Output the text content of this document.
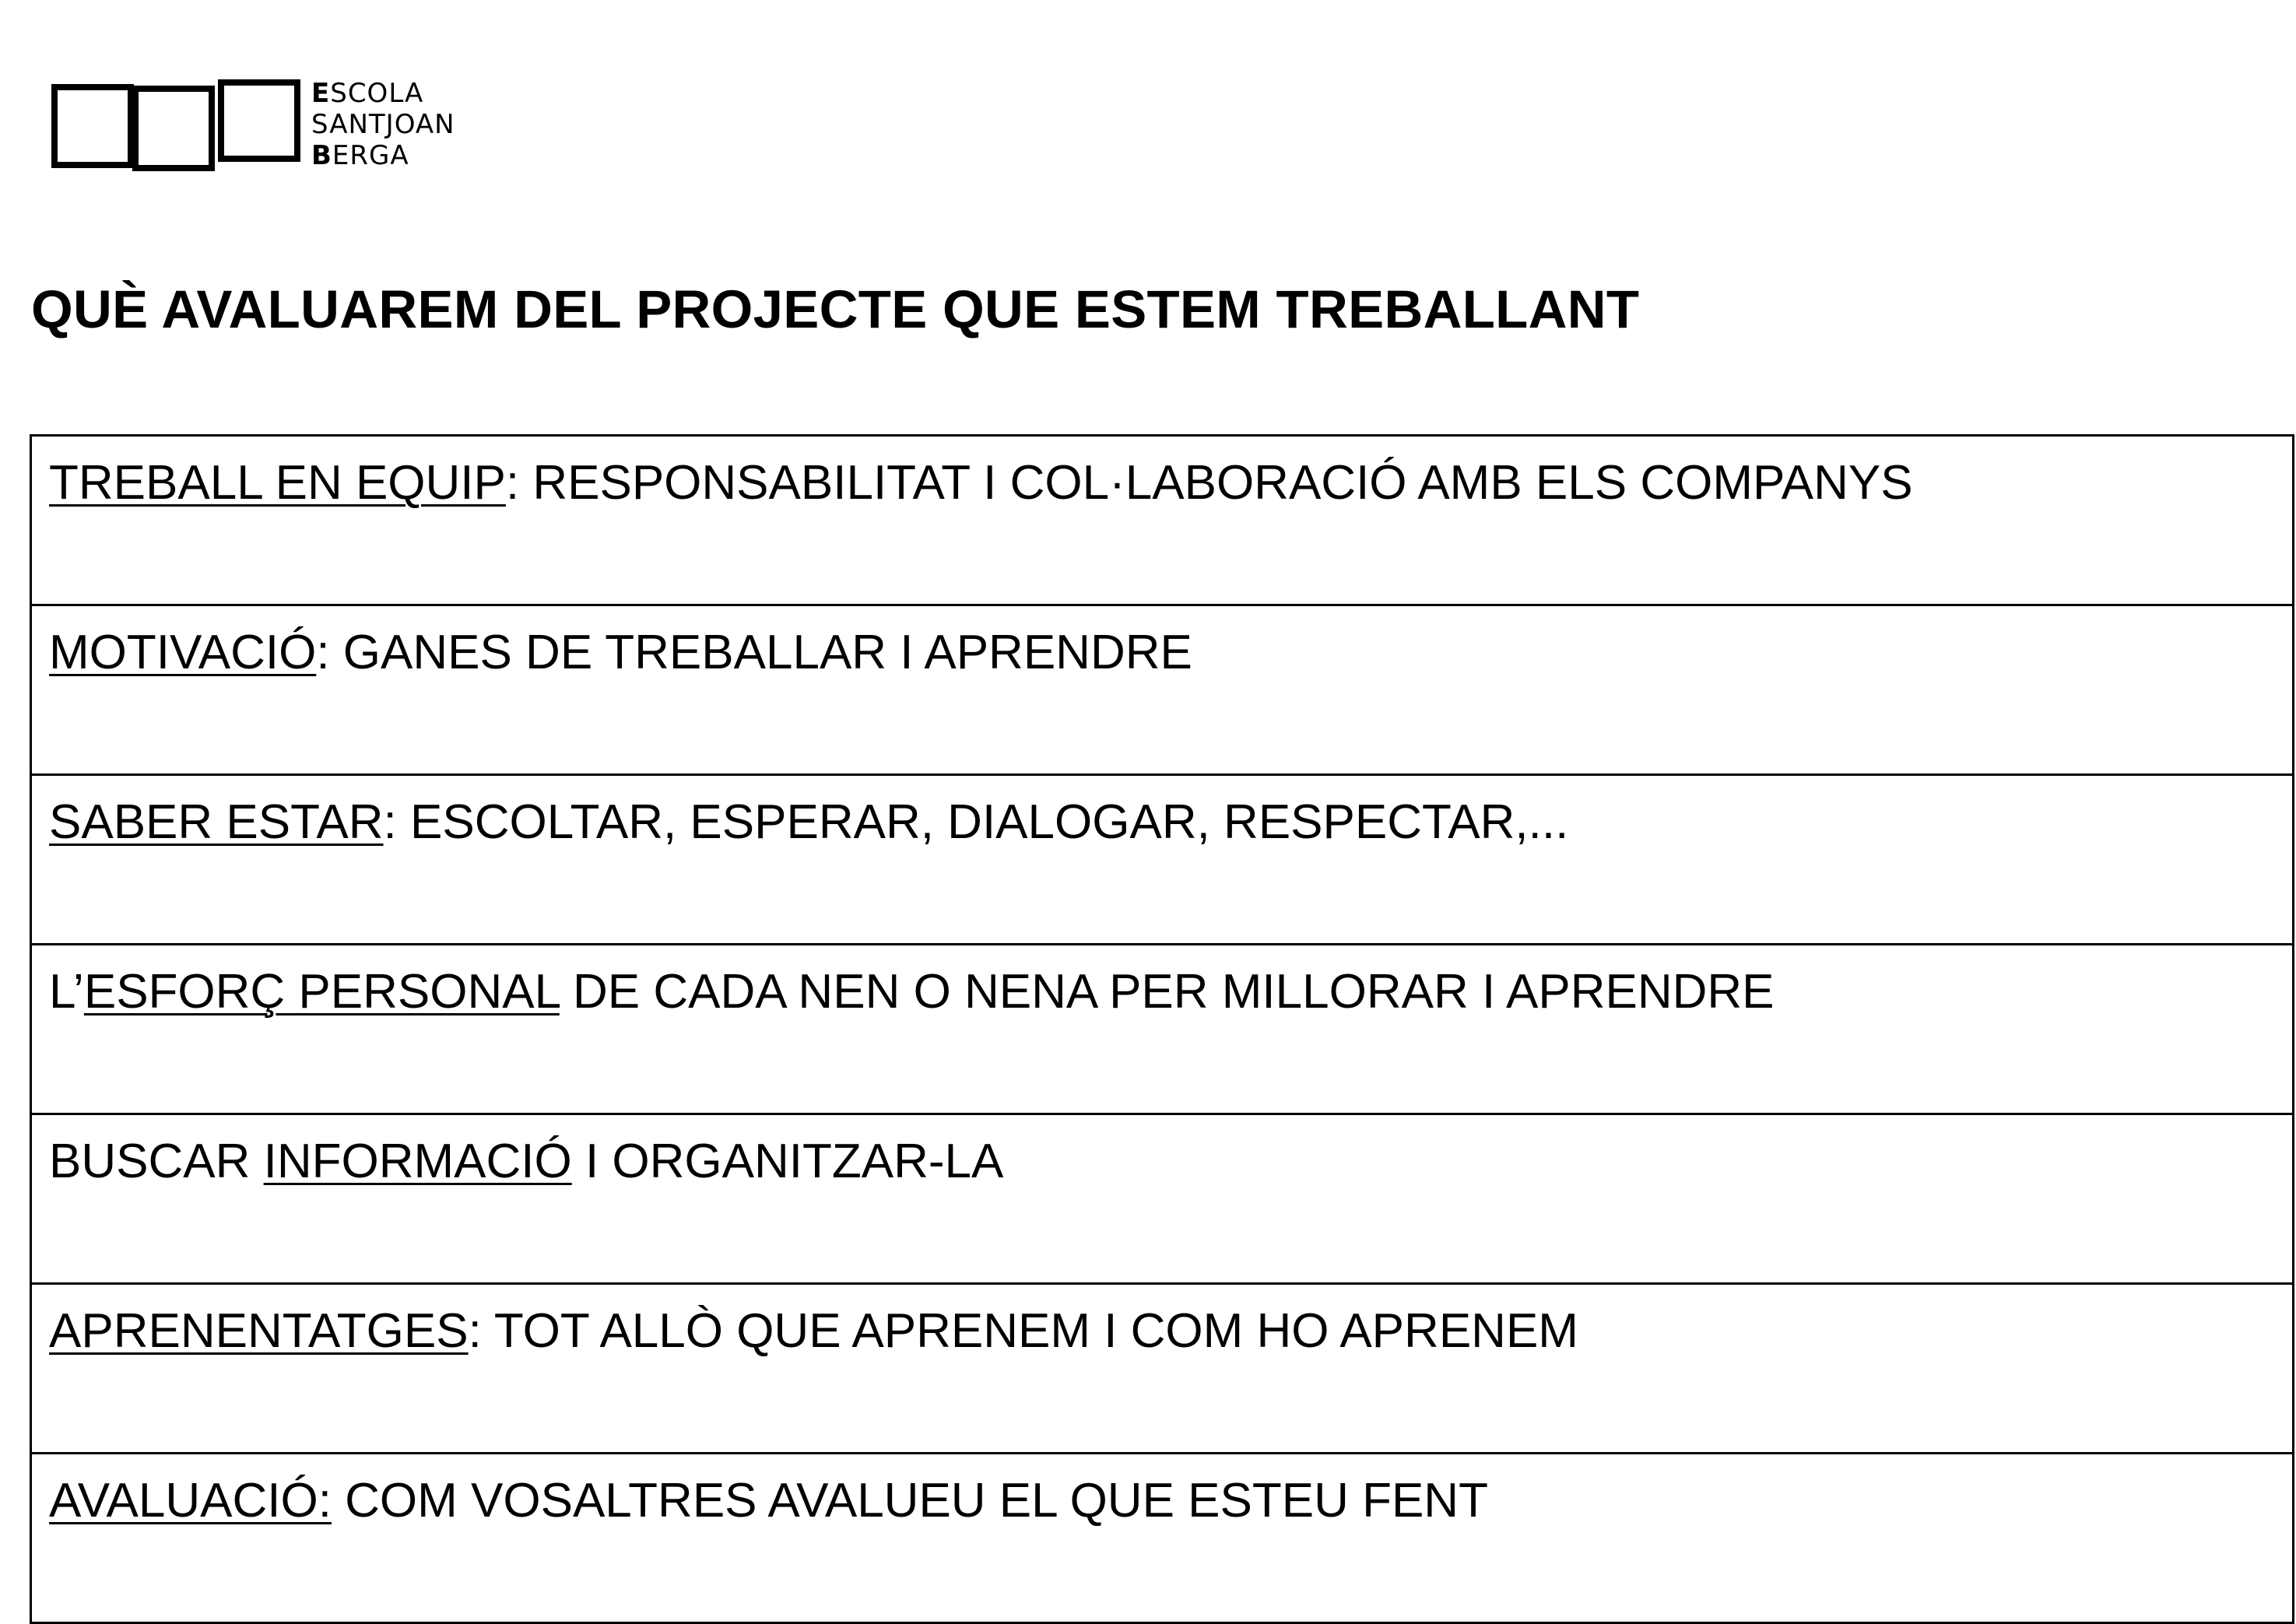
ESCOLA
SANTJOAN
BERGA
QUÈ AVALUAREM DEL PROJECTE QUE ESTEM TREBALLANT
TREBALL EN EQUIP: RESPONSABILITAT I COL·LABORACIÓ AMB ELS COMPANYS
MOTIVACIÓ: GANES DE TREBALLAR I APRENDRE
SABER ESTAR: ESCOLTAR, ESPERAR, DIALOGAR, RESPECTAR,...
L’ESFORÇ PERSONAL DE CADA NEN O NENA PER MILLORAR I APRENDRE
BUSCAR INFORMACIÓ I ORGANITZAR-LA
APRENENTATGES: TOT ALLÒ QUE APRENEM I COM HO APRENEM
AVALUACIÓ: COM VOSALTRES AVALUEU EL QUE ESTEU FENT
